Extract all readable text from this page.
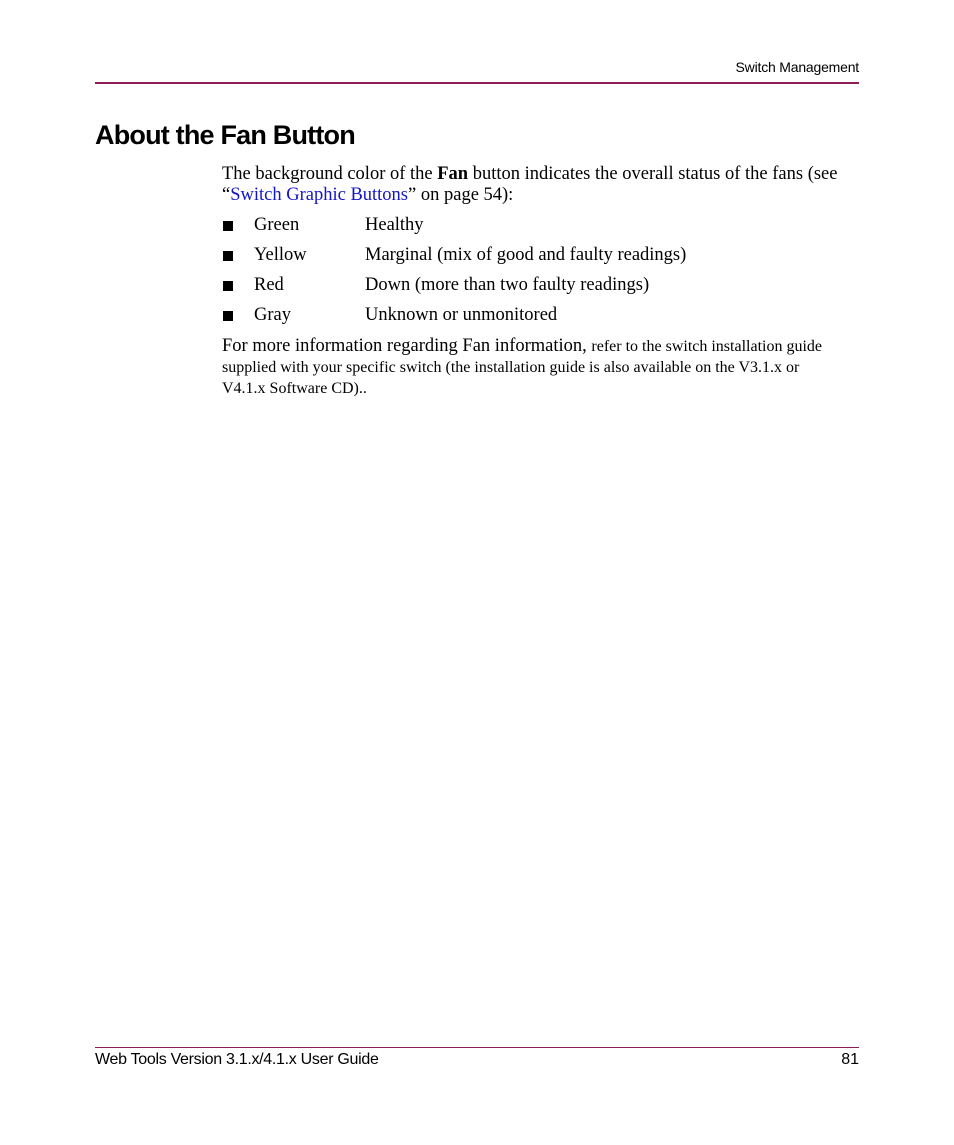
Switch Management
About the Fan Button

The background color of the Fan button indicates the overall status of the fans (see “Switch Graphic Buttons” on page 54):

Green	Healthy
Yellow	Marginal (mix of good and faulty readings)
Red	Down (more than two faulty readings)
Gray	Unknown or unmonitored

For more information regarding Fan information, refer to the switch installation guide supplied with your specific switch (the installation guide is also available on the V3.1.x or V4.1.x Software CD)..

Web Tools Version 3.1.x/4.1.x User Guide	81
